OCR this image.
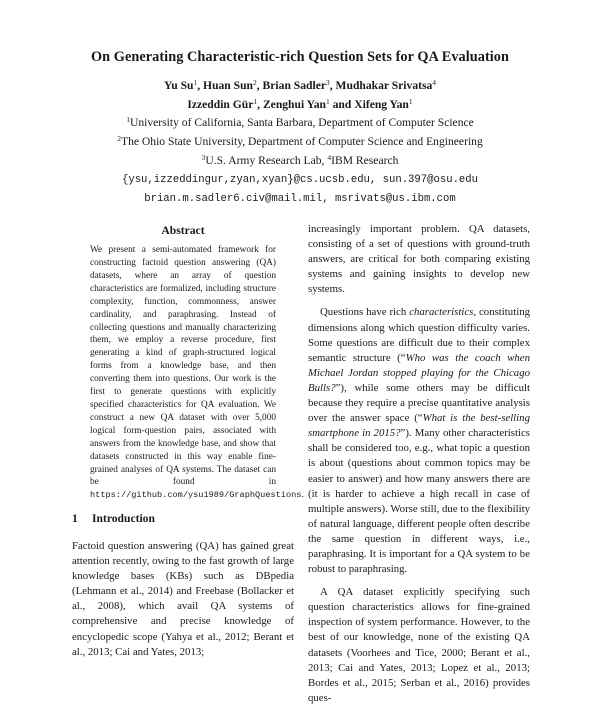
On Generating Characteristic-rich Question Sets for QA Evaluation
Yu Su$^1$, Huan Sun$^2$, Brian Sadler$^3$, Mudhakar Srivatsa$^4$
Izzeddin Gür$^1$, Zenghui Yan$^1$ and Xifeng Yan$^1$
$^1$University of California, Santa Barbara, Department of Computer Science
$^2$The Ohio State University, Department of Computer Science and Engineering
$^3$U.S. Army Research Lab, $^4$IBM Research
{ysu,izzeddingur,zyan,xyan}@cs.ucsb.edu, sun.397@osu.edu
brian.m.sadler6.civ@mail.mil, msrivats@us.ibm.com
Abstract

We present a semi-automated framework for constructing factoid question answering (QA) datasets, where an array of question characteristics are formalized, including structure complexity, function, commonness, answer cardinality, and paraphrasing. Instead of collecting questions and manually characterizing them, we employ a reverse procedure, first generating a kind of graph-structured logical forms from a knowledge base, and then converting them into questions. Our work is the first to generate questions with explicitly specified characteristics for QA evaluation. We construct a new QA dataset with over 5,000 logical form-question pairs, associated with answers from the knowledge base, and show that datasets constructed in this way enable fine-grained analyses of QA systems. The dataset can be found in https://github.com/ysu1989/GraphQuestions.

1 Introduction

Factoid question answering (QA) has gained great attention recently, owing to the fast growth of large knowledge bases (KBs) such as DBpedia (Lehmann et al., 2014) and Freebase (Bollacker et al., 2008), which avail QA systems of comprehensive and precise knowledge of encyclopedic scope (Yahya et al., 2012; Berant et al., 2013; Cai and Yates, 2013;

increasingly important problem. QA datasets, consisting of a set of questions with ground-truth answers, are critical for both comparing existing systems and gaining insights to develop new systems.

Questions have rich characteristics, constituting dimensions along which question difficulty varies. Some questions are difficult due to their complex semantic structure (“Who was the coach when Michael Jordan stopped playing for the Chicago Bulls?”), while some others may be difficult because they require a precise quantitative analysis over the answer space (“What is the best-selling smartphone in 2015?”). Many other characteristics shall be considered too, e.g., what topic a question is about (questions about common topics may be easier to answer) and how many answers there are (it is harder to achieve a high recall in case of multiple answers). Worse still, due to the flexibility of natural language, different people often describe the same question in different ways, i.e., paraphrasing. It is important for a QA system to be robust to paraphrasing.

A QA dataset explicitly specifying such question characteristics allows for fine-grained inspection of system performance. However, to the best of our knowledge, none of the existing QA datasets (Voorhees and Tice, 2000; Berant et al., 2013; Cai and Yates, 2013; Lopez et al., 2013; Bordes et al., 2015; Serban et al., 2016) provides ques-
